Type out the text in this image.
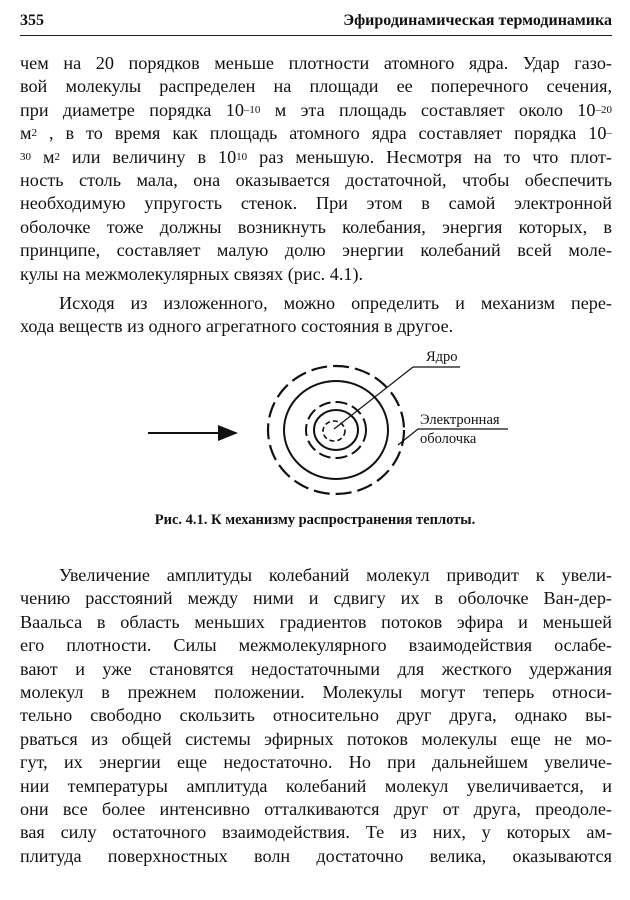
355	Эфиродинамическая термодинамика
чем на 20 порядков меньше плотности атомного ядра. Удар газо-
вой молекулы распределен на площади ее поперечного сечения,
при диаметре порядка $10^{-10}$ м эта площадь составляет около $10^{-20}$
$м^2$ , в то время как площадь атомного ядра составляет порядка 10–
$^{30}$ $м^2$ или величину в $10^{10}$ раз меньшую. Несмотря на то что плот-
ность столь мала, она оказывается достаточной, чтобы обеспечить
необходимую упругость стенок. При этом в самой электронной
оболочке тоже должны возникнуть колебания, энергия которых, в
принципе, составляет малую долю энергии колебаний всей моле-
кулы на межмолекулярных связях (рис. 4.1).
Исходя из изложенного, можно определить и механизм пере-
хода веществ из одного агрегатного состояния в другое.
Ядро
Электронная
оболочка
Рис. 4.1. К механизму распространения теплоты.
Увеличение амплитуды колебаний молекул приводит к увели-
чению расстояний между ними и сдвигу их в оболочке Ван-дер-
Ваальса в область меньших градиентов потоков эфира и меньшей
его плотности. Силы межмолекулярного взаимодействия ослабе-
вают и уже становятся недостаточными для жесткого удержания
молекул в прежнем положении. Молекулы могут теперь относи-
тельно свободно скользить относительно друг друга, однако вы-
рваться из общей системы эфирных потоков молекулы еще не мо-
гут, их энергии еще недостаточно. Но при дальнейшем увеличе-
нии температуры амплитуда колебаний молекул увеличивается, и
они все более интенсивно отталкиваются друг от друга, преодоле-
вая силу остаточного взаимодействия. Те из них, у которых ам-
плитуда поверхностных волн достаточно велика, оказываются
